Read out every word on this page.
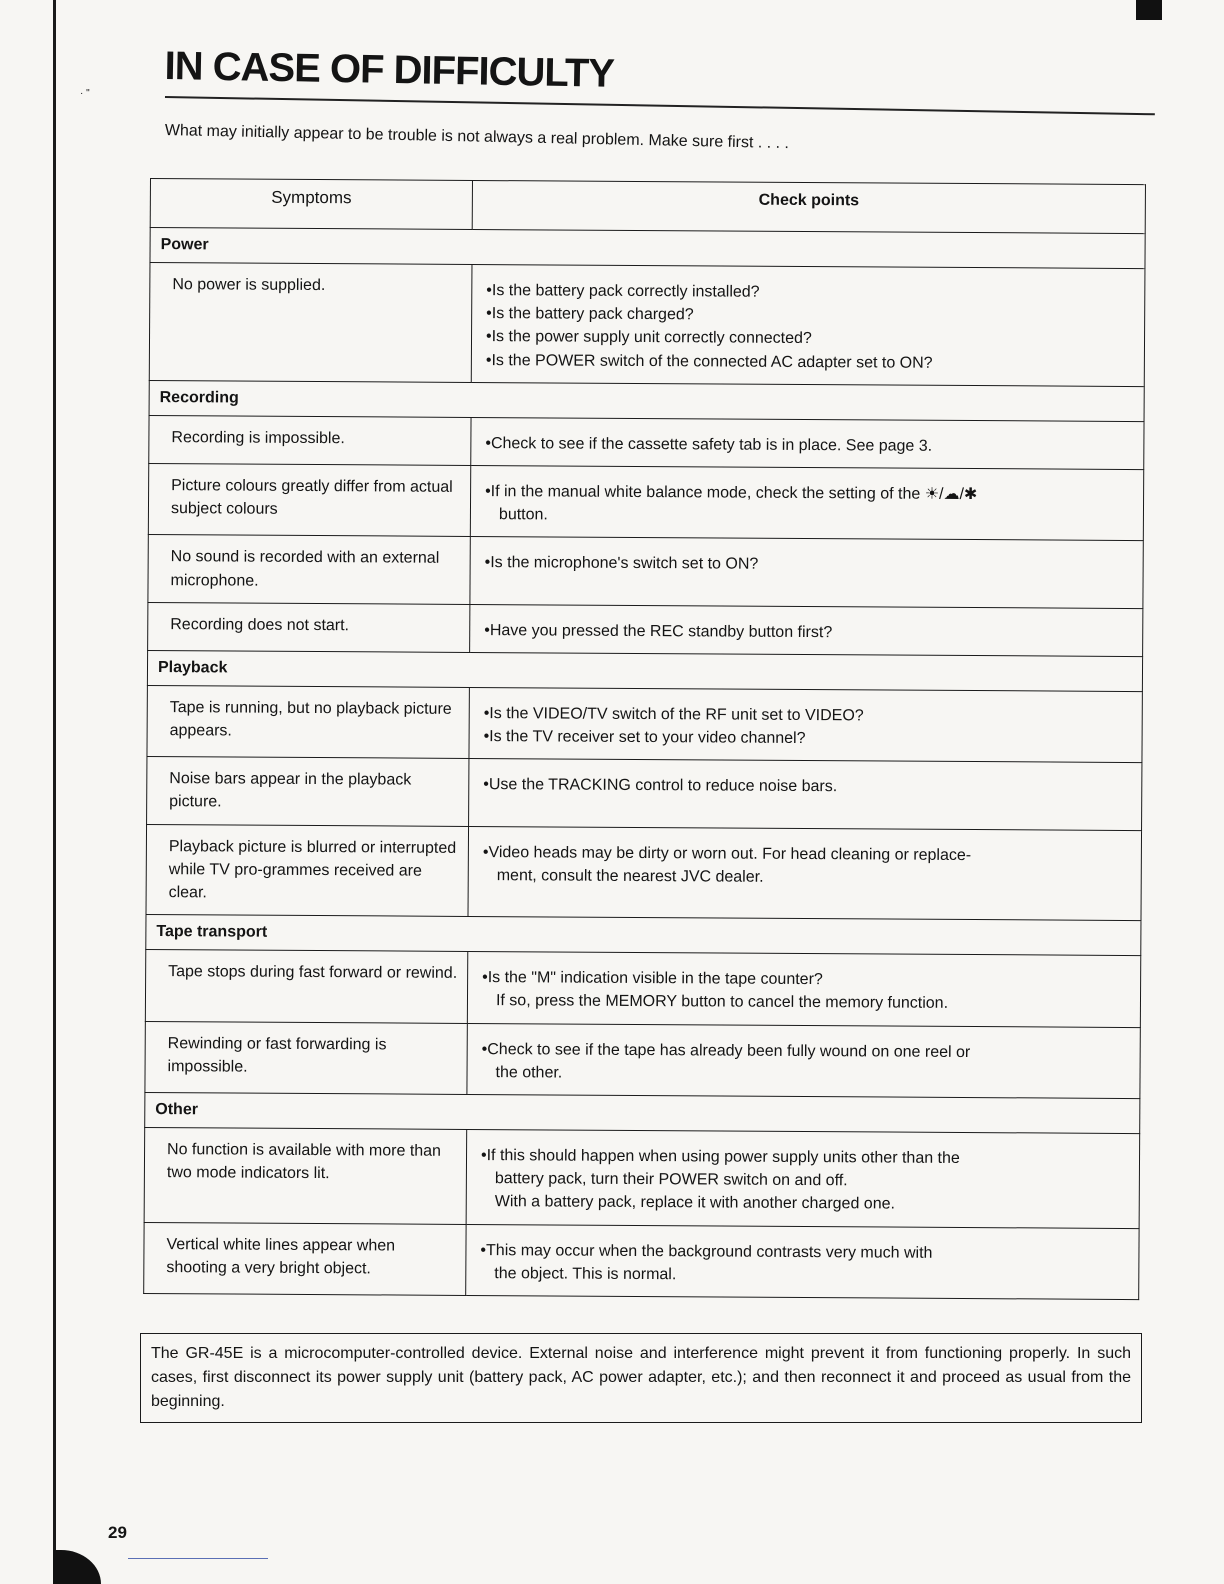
· " IN CASE OF DIFFICULTY

What may initially appear to be trouble is not always a real problem. Make sure first . . . .

Symptoms	Check points
Power	
No power is supplied.	•Is the battery pack correctly installed?
•Is the battery pack charged?
•Is the power supply unit correctly connected?
•Is the POWER switch of the connected AC adapter set to ON?

Recording	
Recording is impossible.	•Check to see if the cassette safety tab is in place. See page 3.

Picture colours greatly differ from actual subject colours	•If in the manual white balance mode, check the setting of the ☀/☁/✱
button.

No sound is recorded with an external microphone.	•Is the microphone's switch set to ON?

Recording does not start.	•Have you pressed the REC standby button first?

Playback	
Tape is running, but no playback picture appears.	•Is the VIDEO/TV switch of the RF unit set to VIDEO?
•Is the TV receiver set to your video channel?

Noise bars appear in the playback picture.	•Use the TRACKING control to reduce noise bars.

Playback picture is blurred or interrupted while TV pro-grammes received are clear.	•Video heads may be dirty or worn out. For head cleaning or replace-
ment, consult the nearest JVC dealer.

Tape transport	
Tape stops during fast forward or rewind.	•Is the "M" indication visible in the tape counter?
If so, press the MEMORY button to cancel the memory function.

Rewinding or fast forwarding is impossible.	•Check to see if the tape has already been fully wound on one reel or
the other.

Other	
No function is available with more than two mode indicators lit.	•If this should happen when using power supply units other than the
battery pack, turn their POWER switch on and off.
With a battery pack, replace it with another charged one.

Vertical white lines appear when shooting a very bright object.	•This may occur when the background contrasts very much with
the object. This is normal.

The GR-45E is a microcomputer-controlled device. External noise and interference might prevent it from functioning properly. In such cases, first disconnect its power supply unit (battery pack, AC power adapter, etc.); and then reconnect it and proceed as usual from the beginning.

29
